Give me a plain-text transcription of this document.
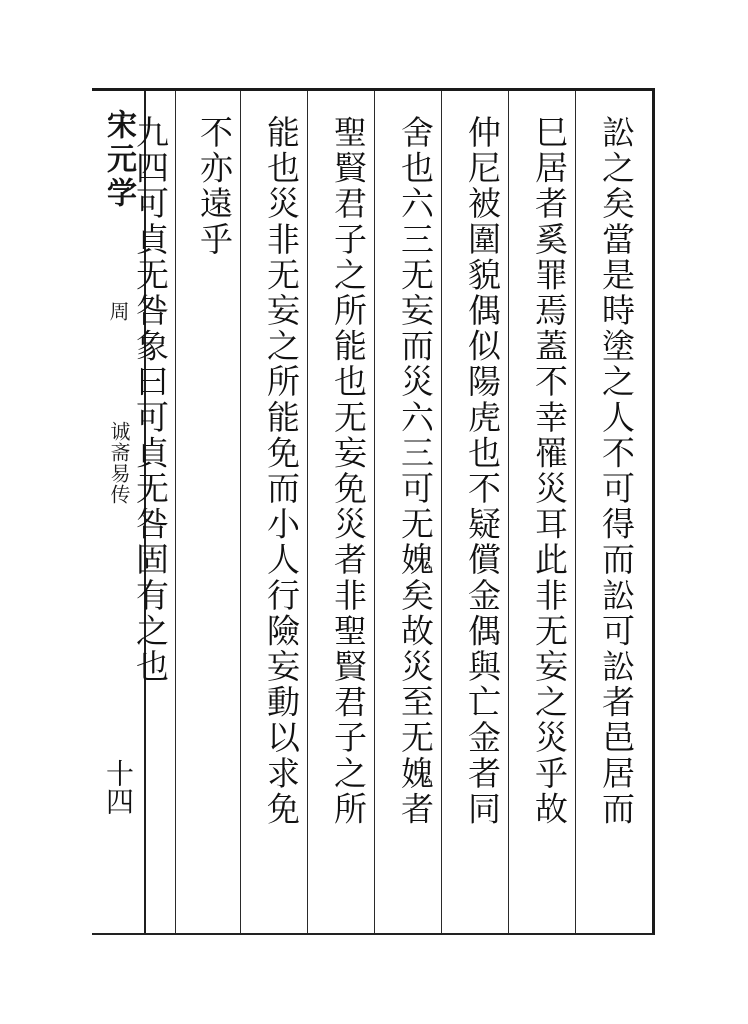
宋元学
周
诚斋易传
十四	訟之矣當是時塗之人不可得而訟可訟者邑居而
巳居者奚罪焉蓋不幸罹災耳此非无妄之災乎故
仲尼被圍貌偶似陽虎也不疑償金偶與亡金者同
舍也六三无妄而災六三可无媿矣故災至无媿者
聖賢君子之所能也无妄免災者非聖賢君子之所
能也災非无妄之所能免而小人行險妄動以求免
不亦遠乎
九四可貞无咎象曰可貞无咎固有之也
